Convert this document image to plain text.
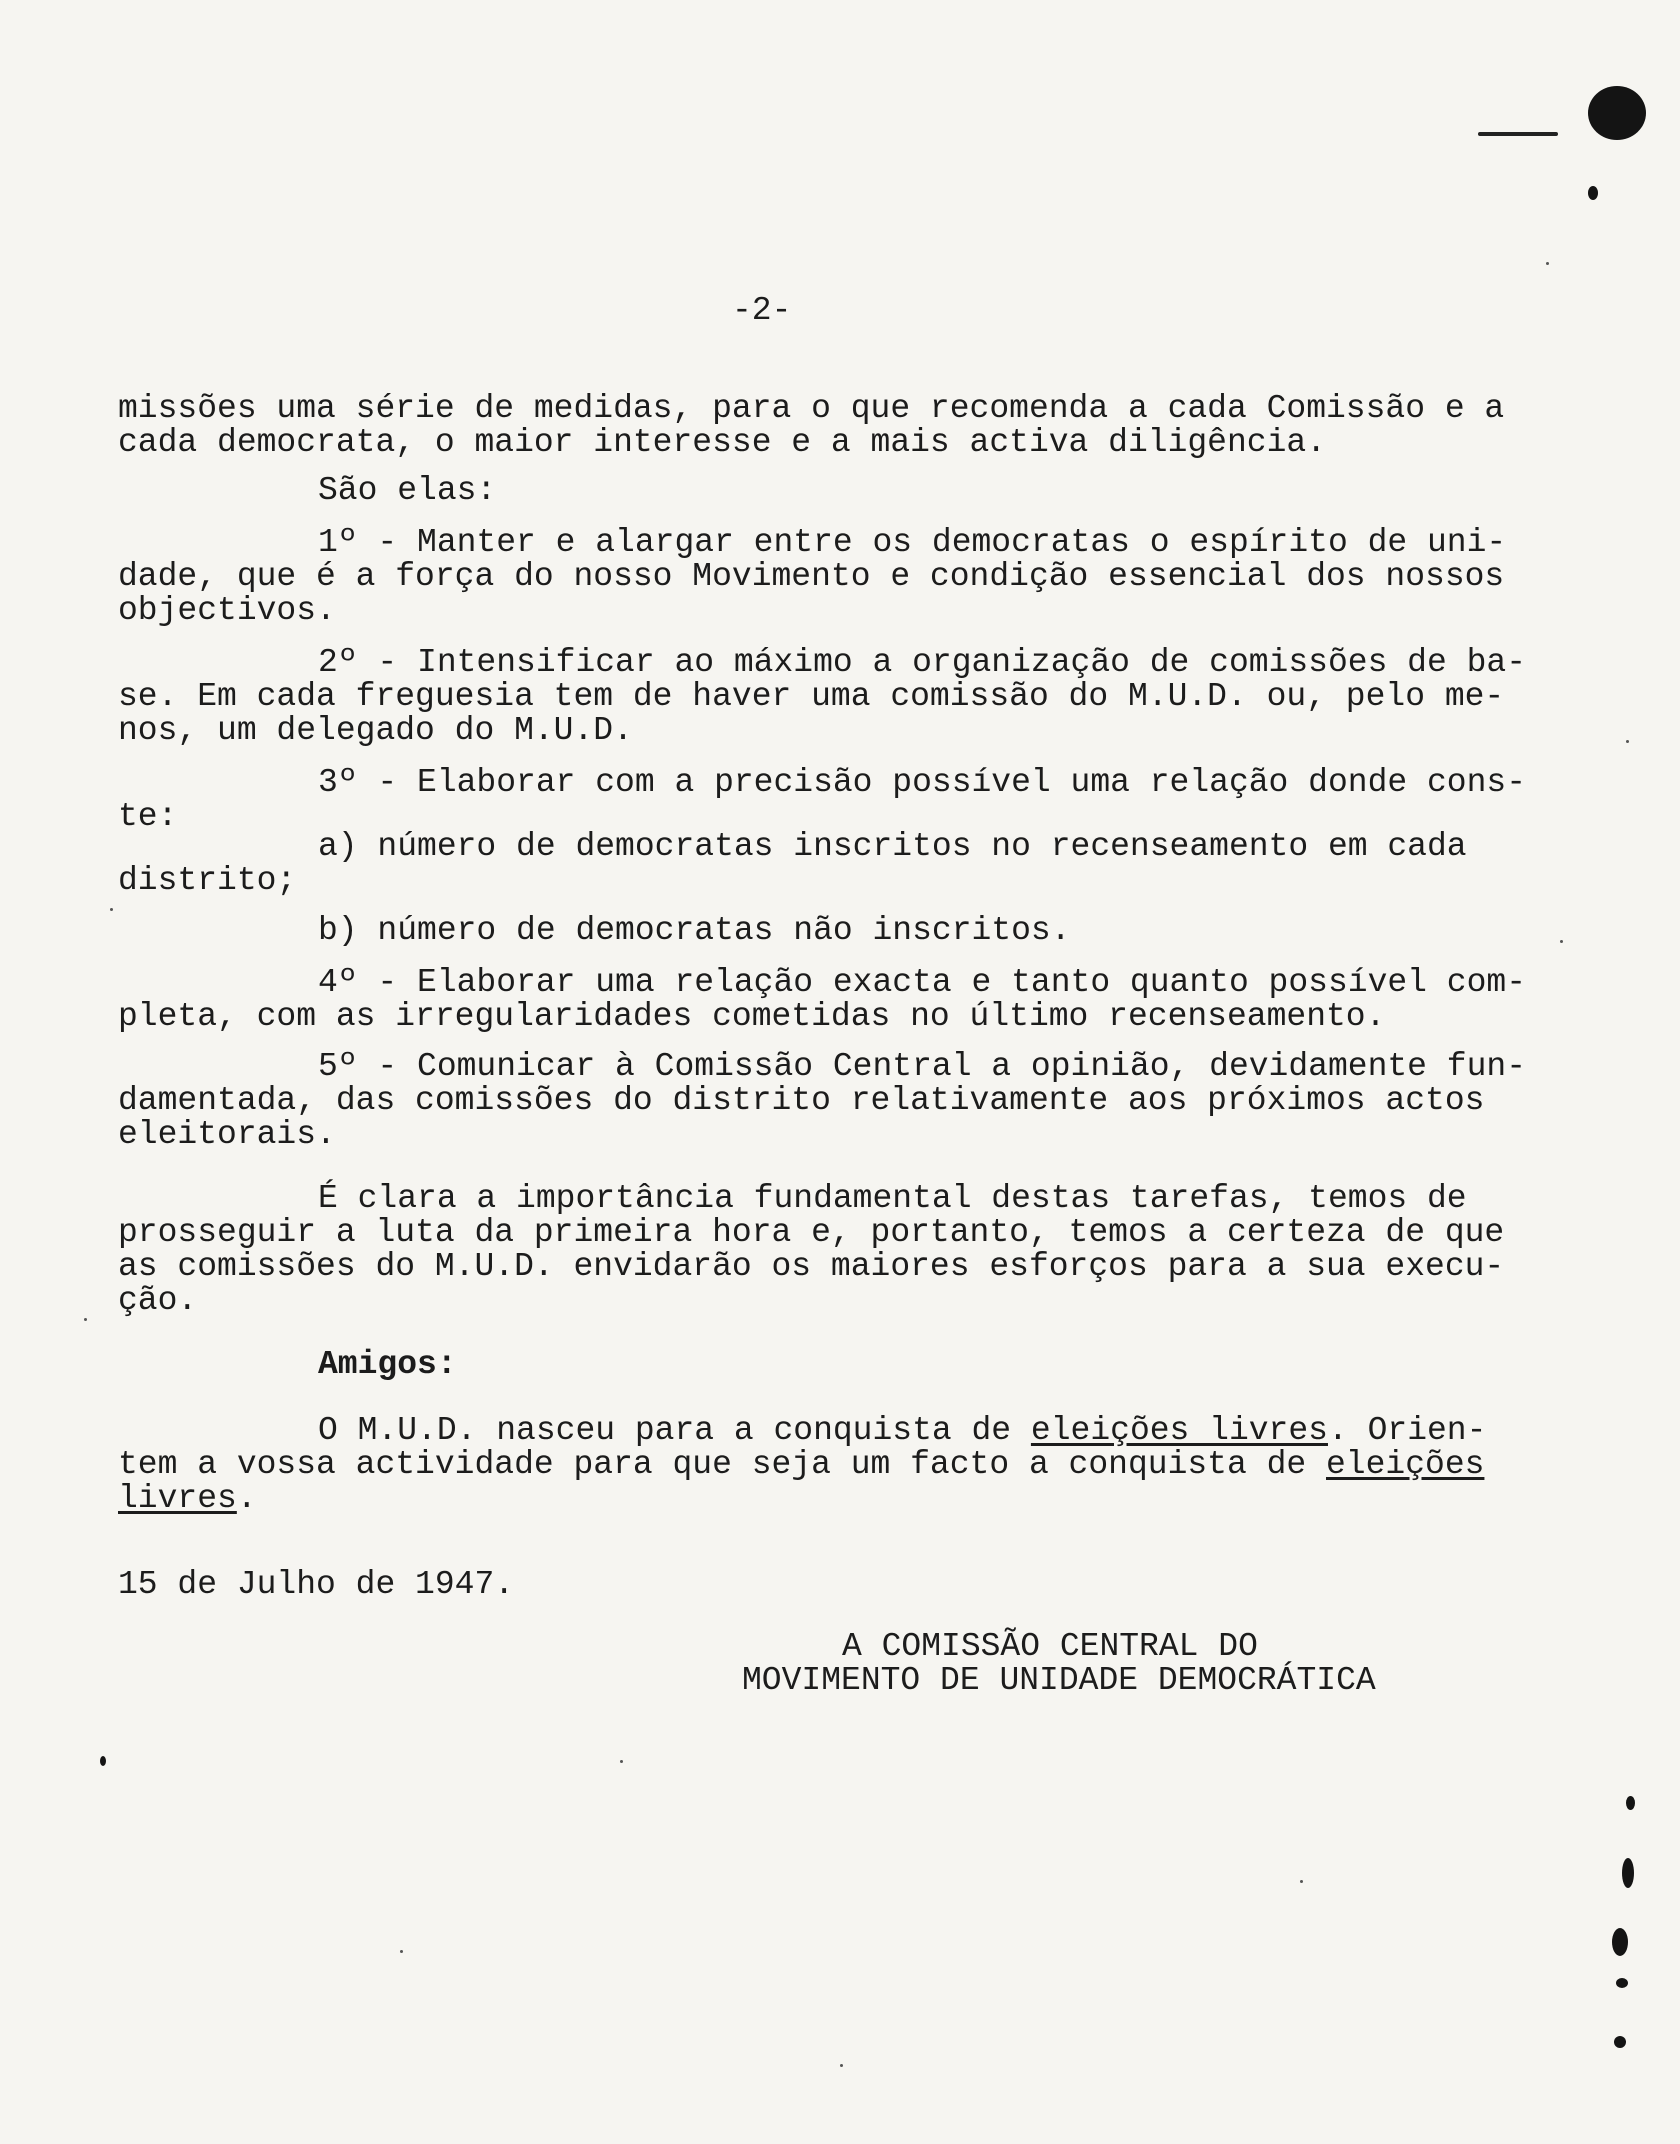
-2-

missões uma série de medidas, para o que recomenda a cada Comissão e a

cada democrata, o maior interesse e a mais activa diligência.

São elas:

1º - Manter e alargar entre os democratas o espírito de uni-

dade, que é a força do nosso Movimento e condição essencial dos nossos

objectivos.

2º - Intensificar ao máximo a organização de comissões de ba-

se. Em cada freguesia tem de haver uma comissão do M.U.D. ou, pelo me-

nos, um delegado do M.U.D.

3º - Elaborar com a precisão possível uma relação donde cons-

te:

a) número de democratas inscritos no recenseamento em cada

distrito;

b) número de democratas não inscritos.

4º - Elaborar uma relação exacta e tanto quanto possível com-

pleta, com as irregularidades cometidas no último recenseamento.

5º - Comunicar à Comissão Central a opinião, devidamente fun-

damentada, das comissões do distrito relativamente aos próximos actos

eleitorais.

É clara a importância fundamental destas tarefas, temos de

prosseguir a luta da primeira hora e, portanto, temos a certeza de que

as comissões do M.U.D. envidarão os maiores esforços para a sua execu-

ção.

Amigos:

O M.U.D. nasceu para a conquista de eleições livres. Orien-

tem a vossa actividade para que seja um facto a conquista de eleições

livres.

15 de Julho de 1947.

A COMISSÃO CENTRAL DO

MOVIMENTO DE UNIDADE DEMOCRÁTICA
